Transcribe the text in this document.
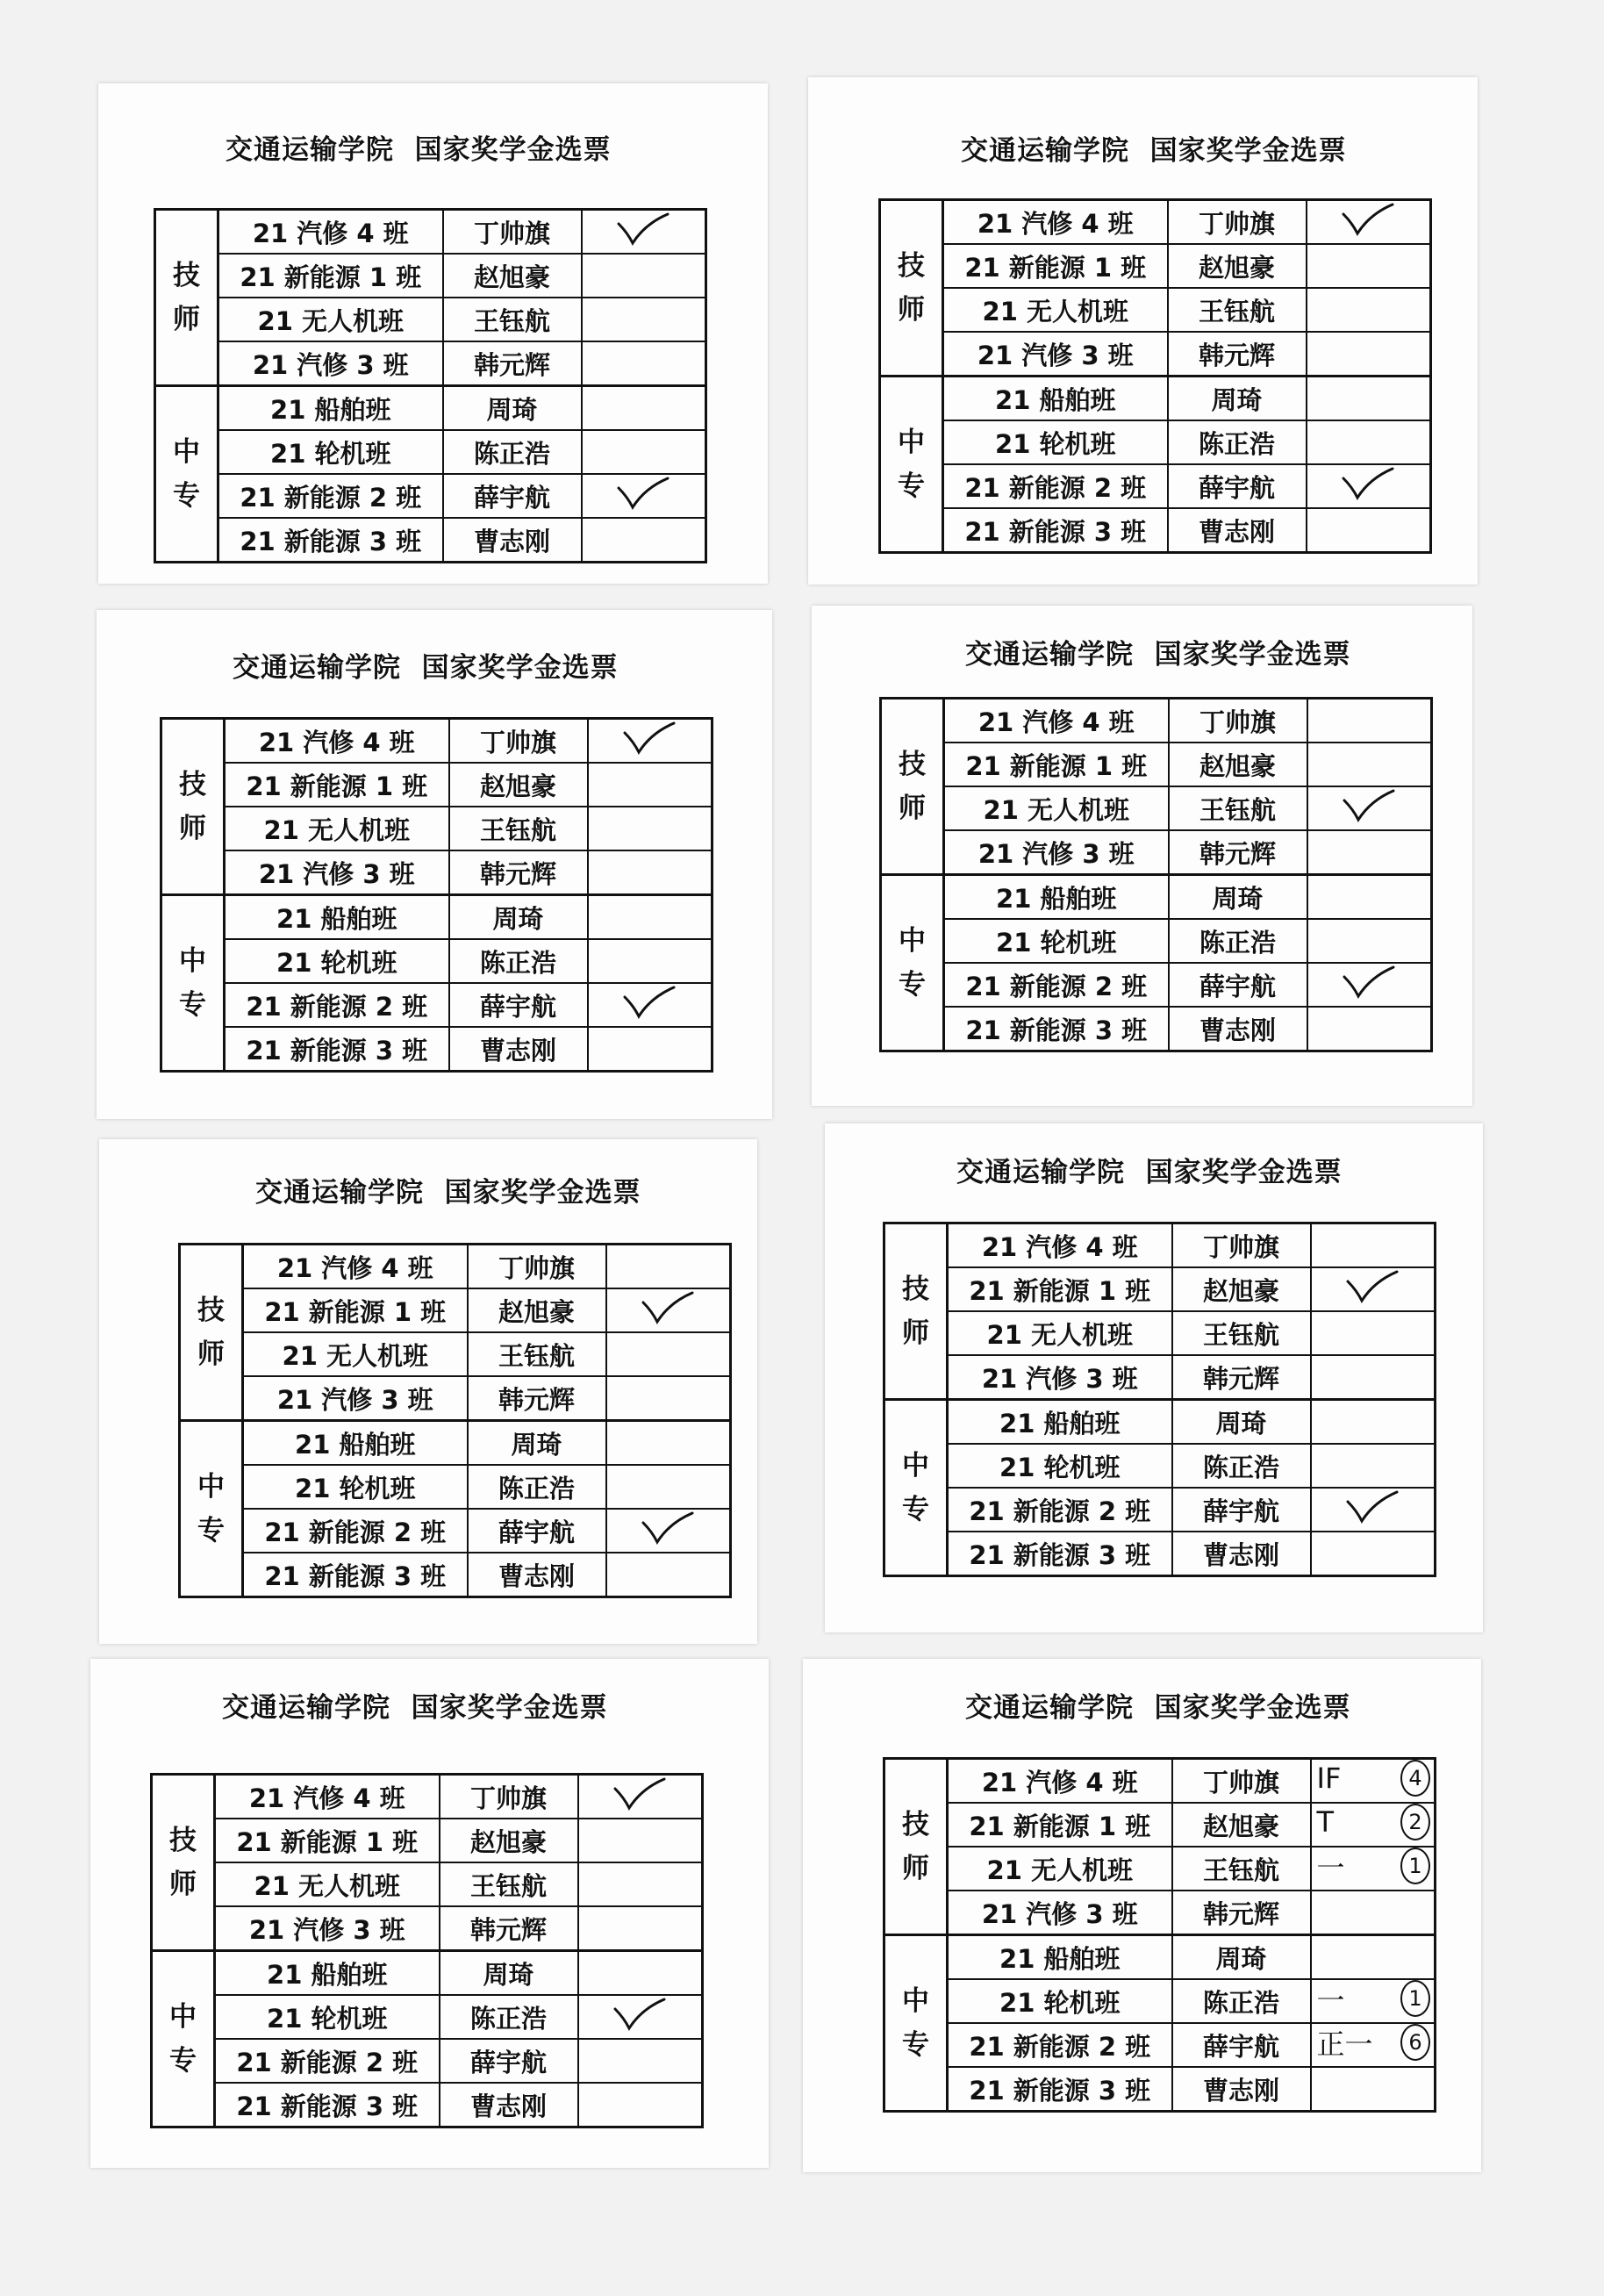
交通运输学院  国家奖学金选票
技
师	21 汽修 4 班	丁帅旗	

	21 新能源 1 班	赵旭豪	
	21 无人机班	王钰航	
	21 汽修 3 班	韩元辉	

中
专	21 船舶班	周琦	
	21 轮机班	陈正浩	
	21 新能源 2 班	薛宇航	

	21 新能源 3 班	曹志刚	
交通运输学院  国家奖学金选票
技
师	21 汽修 4 班	丁帅旗	

	21 新能源 1 班	赵旭豪	
	21 无人机班	王钰航	
	21 汽修 3 班	韩元辉	

中
专	21 船舶班	周琦	
	21 轮机班	陈正浩	
	21 新能源 2 班	薛宇航	

	21 新能源 3 班	曹志刚	
交通运输学院  国家奖学金选票
技
师	21 汽修 4 班	丁帅旗	

	21 新能源 1 班	赵旭豪	
	21 无人机班	王钰航	
	21 汽修 3 班	韩元辉	

中
专	21 船舶班	周琦	
	21 轮机班	陈正浩	
	21 新能源 2 班	薛宇航	

	21 新能源 3 班	曹志刚	
交通运输学院  国家奖学金选票
技
师	21 汽修 4 班	丁帅旗	
	21 新能源 1 班	赵旭豪	
	21 无人机班	王钰航	

	21 汽修 3 班	韩元辉	

中
专	21 船舶班	周琦	
	21 轮机班	陈正浩	
	21 新能源 2 班	薛宇航	

	21 新能源 3 班	曹志刚	
交通运输学院  国家奖学金选票
技
师	21 汽修 4 班	丁帅旗	
	21 新能源 1 班	赵旭豪	

	21 无人机班	王钰航	
	21 汽修 3 班	韩元辉	

中
专	21 船舶班	周琦	
	21 轮机班	陈正浩	
	21 新能源 2 班	薛宇航	

	21 新能源 3 班	曹志刚	
交通运输学院  国家奖学金选票
技
师	21 汽修 4 班	丁帅旗	
	21 新能源 1 班	赵旭豪	

	21 无人机班	王钰航	
	21 汽修 3 班	韩元辉	

中
专	21 船舶班	周琦	
	21 轮机班	陈正浩	
	21 新能源 2 班	薛宇航	

	21 新能源 3 班	曹志刚	
交通运输学院  国家奖学金选票
技
师	21 汽修 4 班	丁帅旗	

	21 新能源 1 班	赵旭豪	
	21 无人机班	王钰航	
	21 汽修 3 班	韩元辉	

中
专	21 船舶班	周琦	
	21 轮机班	陈正浩	

	21 新能源 2 班	薛宇航	
	21 新能源 3 班	曹志刚	
交通运输学院  国家奖学金选票
技
师	21 汽修 4 班	丁帅旗	IF 4

	21 新能源 1 班	赵旭豪	T 2

	21 无人机班	王钰航	一 1

	21 汽修 3 班	韩元辉	

中
专	21 船舶班	周琦	
	21 轮机班	陈正浩	一 1

	21 新能源 2 班	薛宇航	正一 6

	21 新能源 3 班	曹志刚	
